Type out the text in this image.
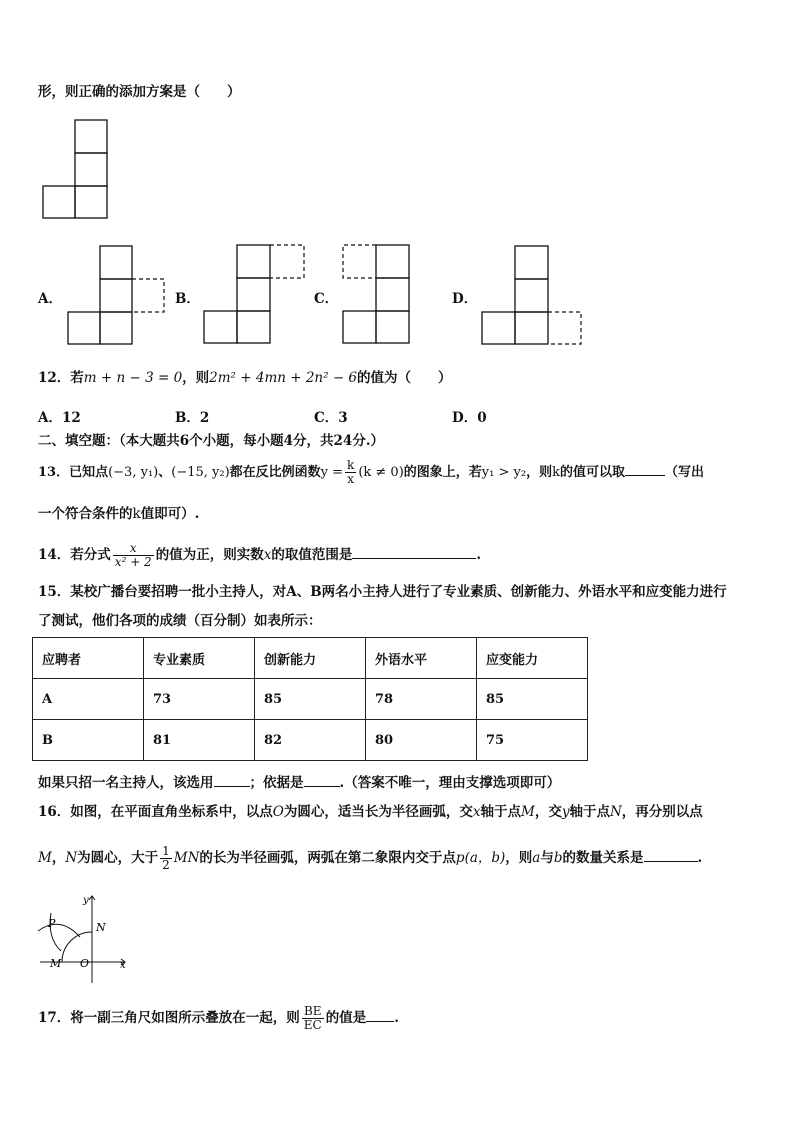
形，则正确的添加方案是（　　）
A．	B．	C．	D．
12．若m + n − 3 = 0，则2m² + 4mn + 2n² − 6的值为（　　）
A．12	B．2	C．3	D．0
二、填空题：（本大题共6个小题，每小题4分，共24分.）
13．已知点(−3, y₁)、(−15, y₂)都在反比例函数$y = \frac{k}{x} (k \ne 0)$的图象上，若y₁ > y₂，则k的值可以取	（写出
一个符合条件的k值即可）.
14．若分式 $\frac{x}{\text{x² + 2}}$ 的值为正，则实数x的取值范围是	.
15．某校广播台要招聘一批小主持人，对A、B两名小主持人进行了专业素质、创新能力、外语水平和应变能力进行
了测试，他们各项的成绩（百分制）如表所示：
应聘者	专业素质	创新能力	外语水平	应变能力
A	73	85	78	85
B	81	82	80	75
如果只招一名主持人，该选用	；依据是	.（答案不唯一，理由支撑选项即可）
16．如图，在平面直角坐标系中，以点O为圆心，适当长为半径画弧，交x轴于点M，交y轴于点N，再分别以点
M，N为圆心，大于 $\frac{1}{2}$ MN的长为半径画弧，两弧在第二象限内交于点p(a，b)，则a与b的数量关系是	.
P	N
M O	x
y
17．将一副三角尺如图所示叠放在一起，则 $\frac{BE}{EC}$ 的值是 .
